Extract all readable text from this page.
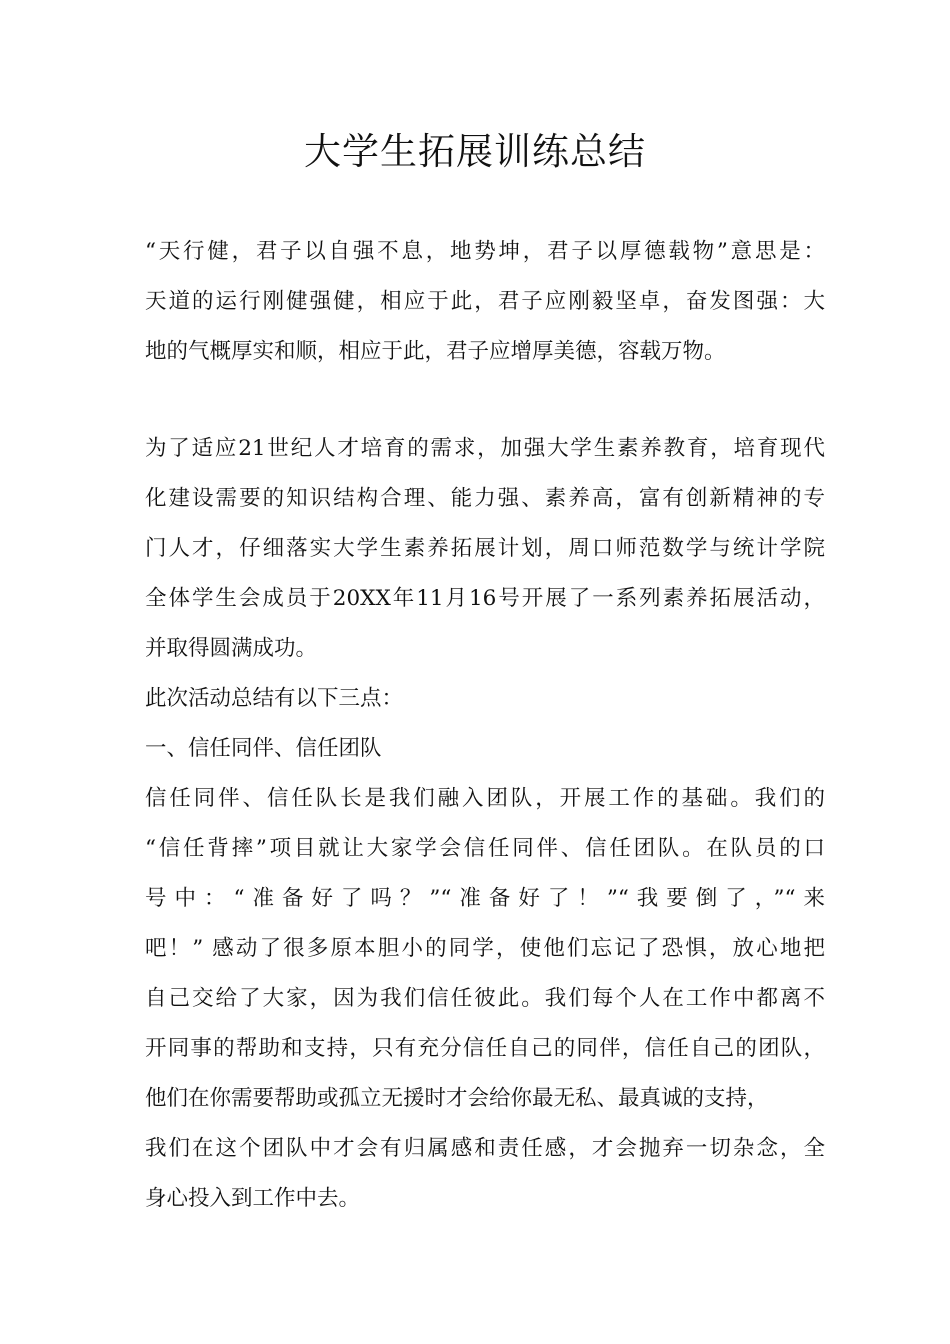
大学生拓展训练总结
“天行健，君子以自强不息，地势坤，君子以厚德载物”意思是：
天道的运行刚健强健，相应于此，君子应刚毅坚卓，奋发图强：大
地的气概厚实和顺，相应于此，君子应增厚美德，容载万物。
为了适应21世纪人才培育的需求，加强大学生素养教育，培育现代
化建设需要的知识结构合理、能力强、素养高，富有创新精神的专
门人才，仔细落实大学生素养拓展计划，周口师范数学与统计学院
全体学生会成员于20XX年11月16号开展了一系列素养拓展活动，
并取得圆满成功。
此次活动总结有以下三点：
一、信任同伴、信任团队
信任同伴、信任队长是我们融入团队，开展工作的基础。我们的
“信任背摔”项目就让大家学会信任同伴、信任团队。在队员的口
号中：“准备好了吗？”“准备好了！”“我要倒了，”“来
吧！” 感动了很多原本胆小的同学，使他们忘记了恐惧，放心地把
自己交给了大家，因为我们信任彼此。我们每个人在工作中都离不
开同事的帮助和支持，只有充分信任自己的同伴，信任自己的团队，
他们在你需要帮助或孤立无援时才会给你最无私、最真诚的支持，
我们在这个团队中才会有归属感和责任感，才会抛弃一切杂念，全
身心投入到工作中去。
